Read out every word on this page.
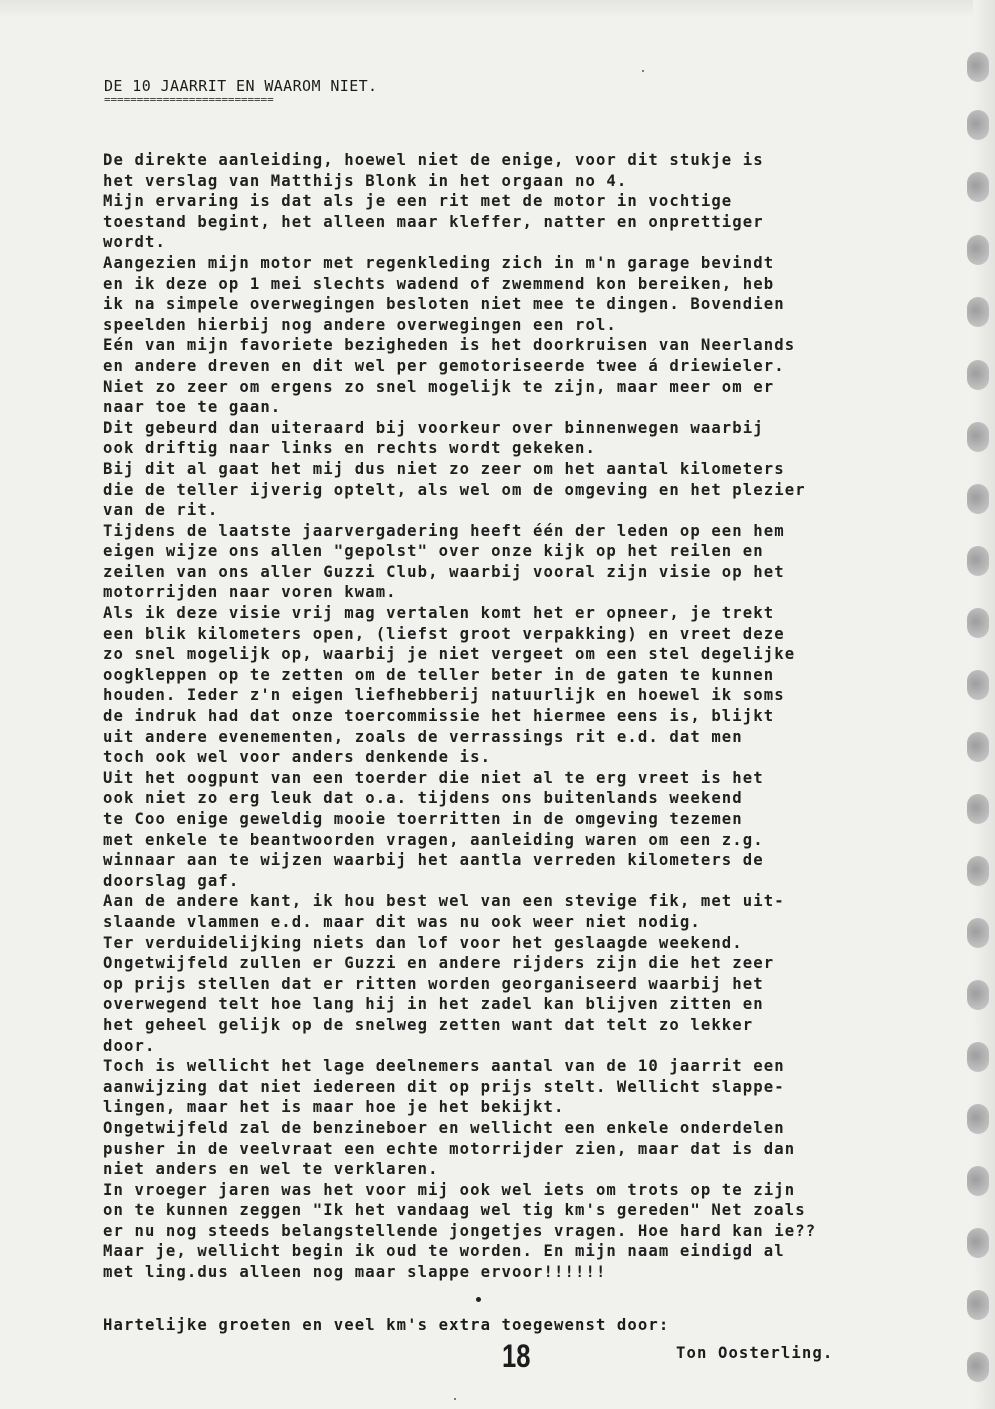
DE 10 JAARRIT EN WAAROM NIET.
==========================
De direkte aanleiding, hoewel niet de enige, voor dit stukje is
het verslag van Matthijs Blonk in het orgaan no 4.
Mijn ervaring is dat als je een rit met de motor in vochtige
toestand begint, het alleen maar kleffer, natter en onprettiger
wordt.
Aangezien mijn motor met regenkleding zich in m'n garage bevindt
en ik deze op 1 mei slechts wadend of zwemmend kon bereiken, heb
ik na simpele overwegingen besloten niet mee te dingen. Bovendien
speelden hierbij nog andere overwegingen een rol.
Eén van mijn favoriete bezigheden is het doorkruisen van Neerlands
en andere dreven en dit wel per gemotoriseerde twee á driewieler.
Niet zo zeer om ergens zo snel mogelijk te zijn, maar meer om er
naar toe te gaan.
Dit gebeurd dan uiteraard bij voorkeur over binnenwegen waarbij
ook driftig naar links en rechts wordt gekeken.
Bij dit al gaat het mij dus niet zo zeer om het aantal kilometers
die de teller ijverig optelt, als wel om de omgeving en het plezier
van de rit.
Tijdens de laatste jaarvergadering heeft één der leden op een hem
eigen wijze ons allen "gepolst" over onze kijk op het reilen en
zeilen van ons aller Guzzi Club, waarbij vooral zijn visie op het
motorrijden naar voren kwam.
Als ik deze visie vrij mag vertalen komt het er opneer, je trekt
een blik kilometers open, (liefst groot verpakking) en vreet deze
zo snel mogelijk op, waarbij je niet vergeet om een stel degelijke
oogkleppen op te zetten om de teller beter in de gaten te kunnen
houden. Ieder z'n eigen liefhebberij natuurlijk en hoewel ik soms
de indruk had dat onze toercommissie het hiermee eens is, blijkt
uit andere evenementen, zoals de verrassings rit e.d. dat men
toch ook wel voor anders denkende is.
Uit het oogpunt van een toerder die niet al te erg vreet is het
ook niet zo erg leuk dat o.a. tijdens ons buitenlands weekend
te Coo enige geweldig mooie toerritten in de omgeving tezemen
met enkele te beantwoorden vragen, aanleiding waren om een z.g.
winnaar aan te wijzen waarbij het aantla verreden kilometers de
doorslag gaf.
Aan de andere kant, ik hou best wel van een stevige fik, met uit-
slaande vlammen e.d. maar dit was nu ook weer niet nodig.
Ter verduidelijking niets dan lof voor het geslaagde weekend.
Ongetwijfeld zullen er Guzzi en andere rijders zijn die het zeer
op prijs stellen dat er ritten worden georganiseerd waarbij het
overwegend telt hoe lang hij in het zadel kan blijven zitten en
het geheel gelijk op de snelweg zetten want dat telt zo lekker
door.
Toch is wellicht het lage deelnemers aantal van de 10 jaarrit een
aanwijzing dat niet iedereen dit op prijs stelt. Wellicht slappe-
lingen, maar het is maar hoe je het bekijkt.
Ongetwijfeld zal de benzineboer en wellicht een enkele onderdelen
pusher in de veelvraat een echte motorrijder zien, maar dat is dan
niet anders en wel te verklaren.
In vroeger jaren was het voor mij ook wel iets om trots op te zijn
on te kunnen zeggen "Ik het vandaag wel tig km's gereden" Net zoals
er nu nog steeds belangstellende jongetjes vragen. Hoe hard kan ie??
Maar je, wellicht begin ik oud te worden. En mijn naam eindigd al
met ling.dus alleen nog maar slappe ervoor!!!!!!
Hartelijke groeten en veel km's extra toegewenst door:
18	Ton Oosterling.
